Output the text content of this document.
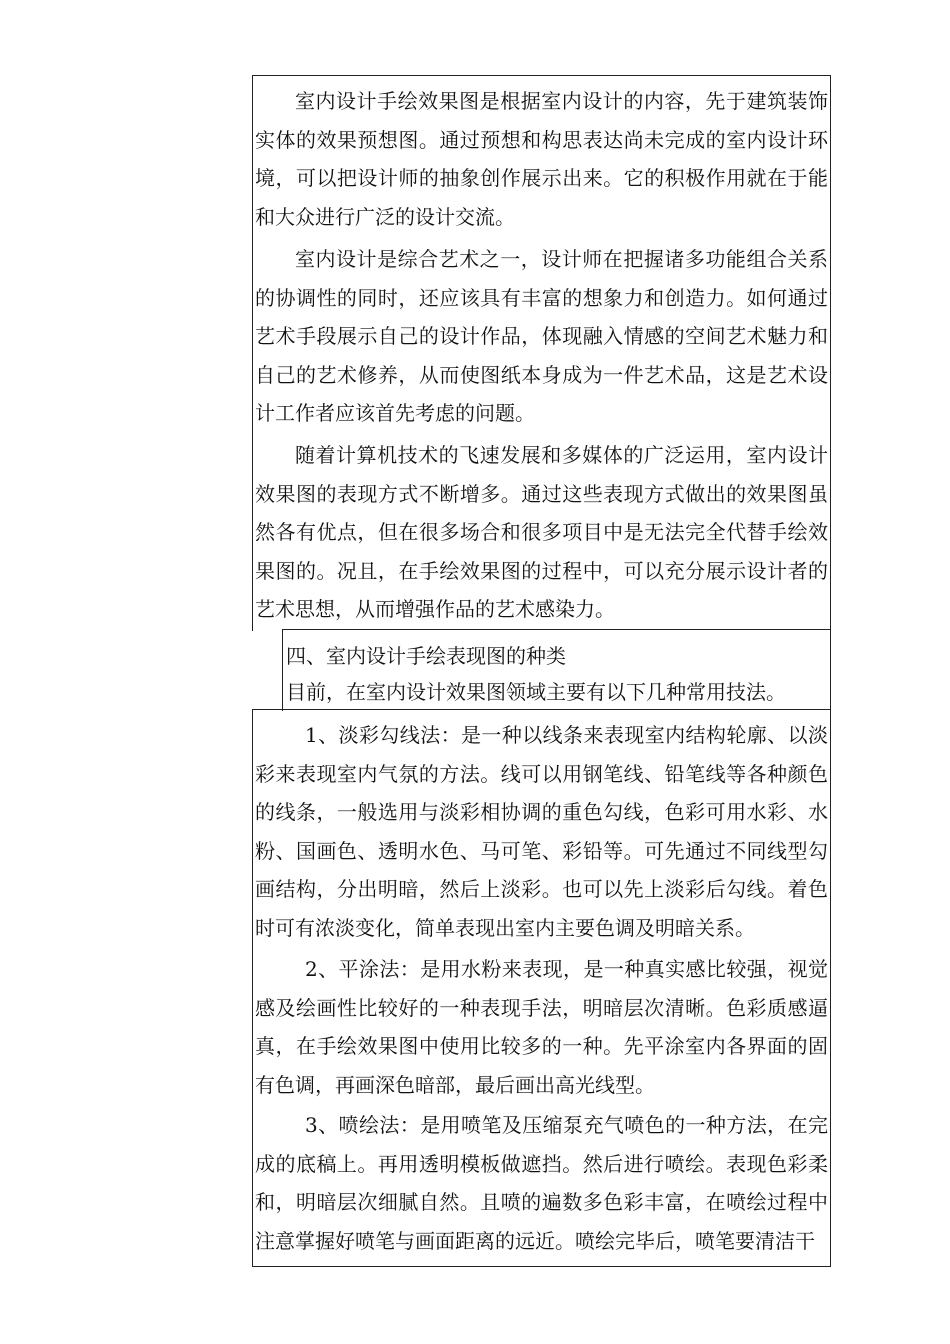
室内设计手绘效果图是根据室内设计的内容，先于建筑装饰实体的效果预想图。通过预想和构思表达尚未完成的室内设计环境，可以把设计师的抽象创作展示出来。它的积极作用就在于能和大众进行广泛的设计交流。

室内设计是综合艺术之一，设计师在把握诸多功能组合关系的协调性的同时，还应该具有丰富的想象力和创造力。如何通过艺术手段展示自己的设计作品，体现融入情感的空间艺术魅力和自己的艺术修养，从而使图纸本身成为一件艺术品，这是艺术设计工作者应该首先考虑的问题。

随着计算机技术的飞速发展和多媒体的广泛运用，室内设计效果图的表现方式不断增多。通过这些表现方式做出的效果图虽然各有优点，但在很多场合和很多项目中是无法完全代替手绘效果图的。况且，在手绘效果图的过程中，可以充分展示设计者的艺术思想，从而增强作品的艺术感染力。

四、室内设计手绘表现图的种类

目前，在室内设计效果图领域主要有以下几种常用技法。

1、淡彩勾线法：是一种以线条来表现室内结构轮廓、以淡彩来表现室内气氛的方法。线可以用钢笔线、铅笔线等各种颜色的线条，一般选用与淡彩相协调的重色勾线，色彩可用水彩、水粉、国画色、透明水色、马可笔、彩铅等。可先通过不同线型勾画结构，分出明暗，然后上淡彩。也可以先上淡彩后勾线。着色时可有浓淡变化，简单表现出室内主要色调及明暗关系。

2、平涂法：是用水粉来表现，是一种真实感比较强，视觉感及绘画性比较好的一种表现手法，明暗层次清晰。色彩质感逼真，在手绘效果图中使用比较多的一种。先平涂室内各界面的固有色调，再画深色暗部，最后画出高光线型。

3、喷绘法：是用喷笔及压缩泵充气喷色的一种方法，在完成的底稿上。再用透明模板做遮挡。然后进行喷绘。表现色彩柔和，明暗层次细腻自然。且喷的遍数多色彩丰富，在喷绘过程中注意掌握好喷笔与画面距离的远近。喷绘完毕后，喷笔要清洁干
